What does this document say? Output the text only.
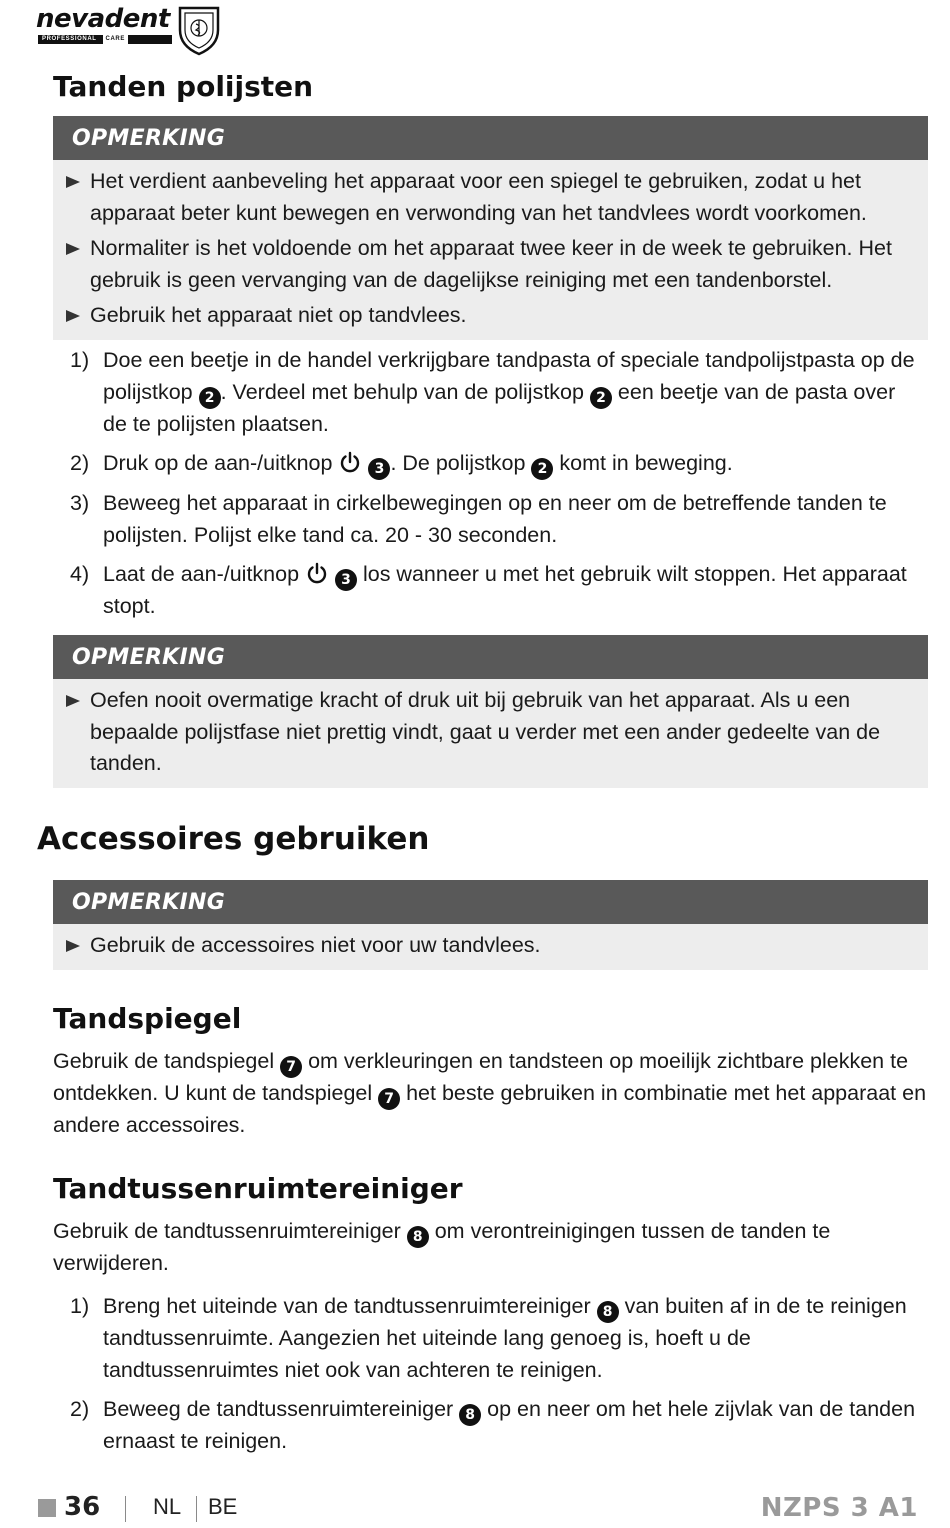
nevadent
PROFESSIONAL	CARE
Tanden polijsten
OPMERKING
Het verdient aanbeveling het apparaat voor een spiegel te gebruiken, zodat u het apparaat beter kunt bewegen en verwonding van het tandvlees wordt voorkomen.
Normaliter is het voldoende om het apparaat twee keer in de week te gebruiken. Het gebruik is geen vervanging van de dagelijkse reiniging met een tandenborstel.
Gebruik het apparaat niet op tandvlees.
1) Doe een beetje in de handel verkrijgbare tandpasta of speciale tandpolijstpasta op de polijstkop 2 . Verdeel met behulp van de polijstkop 2 een beetje van de pasta over de te polijsten plaatsen.
2) Druk op de aan-/uitknop	3 . De polijstkop 2 komt in beweging.
3) Beweeg het apparaat in cirkelbewegingen op en neer om de betreffende tanden te polijsten. Polijst elke tand ca. 20 - 30 seconden.
4) Laat de aan-/uitknop	3 los wanneer u met het gebruik wilt stoppen. Het apparaat stopt.
OPMERKING
Oefen nooit overmatige kracht of druk uit bij gebruik van het apparaat. Als u een bepaalde polijstfase niet prettig vindt, gaat u verder met een ander gedeelte van de tanden.
Accessoires gebruiken
OPMERKING
Gebruik de accessoires niet voor uw tandvlees.
Tandspiegel

Gebruik de tandspiegel 7 om verkleuringen en tandsteen op moeilijk zichtbare plekken te ontdekken. U kunt de tandspiegel 7 het beste gebruiken in combinatie met het apparaat en andere accessoires.

Tandtussenruimtereiniger

Gebruik de tandtussenruimtereiniger 8 om verontreinigingen tussen de tanden te verwijderen.

1) Breng het uiteinde van de tandtussenruimtereiniger 8 van buiten af in de te reinigen tandtussenruimte. Aangezien het uiteinde lang genoeg is, hoeft u de tandtussenruimtes niet ook van achteren te reinigen.
2) Beweeg de tandtussenruimtereiniger 8 op en neer om het hele zijvlak van de tanden ernaast te reinigen.
36 NL BE	NZPS 3 A1
